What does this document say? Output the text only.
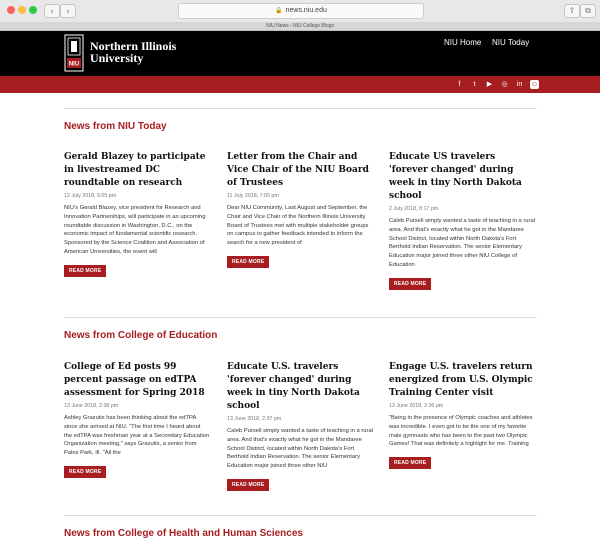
‹	›	🔒 news.niu.edu	⇪	⧉
NIU News - NIU College Blogs
NIU
Northern Illinois
University
NIU Home NIU Today
f	t	▶ ◎ in ☺
News from NIU Today

Gerald Blazey to participate in livestreamed DC roundtable on research

12 July 2018, 5:05 pm
NIU's Gerald Blazey, vice president for Research and Innovation Partnerships, will participate in an upcoming roundtable discussion in Washington, D.C., on the economic impact of fundamental scientific research. Sponsored by the Science Coalition and Association of American Universities, the event will
READ MORE

Letter from the Chair and Vice Chair of the NIU Board of Trustees

11 July 2018, 7:00 pm
Dear NIU Community, Last August and September, the Chair and Vice Chair of the Northern Illinois University Board of Trustees met with multiple stakeholder groups on campus to gather feedback intended to inform the search for a new president of
READ MORE

Educate US travelers 'forever changed' during week in tiny North Dakota school

2 July 2018, 8:17 pm
Caleb Pursell simply wanted a taste of teaching in a rural area. And that's exactly what he got in the Mandaree School District, located within North Dakota's Fort Berthold Indian Reservation. The senior Elementary Education major joined three other NIU College of Education
READ MORE
News from College of Education

College of Ed posts 99 percent passage on edTPA assessment for Spring 2018

13 June 2018, 2:38 pm
Ashley Grazutis has been thinking about the edTPA since she arrived at NIU. "The first time I heard about the edTPA was freshman year at a Secondary Education Organization meeting," says Grazutis, a senior from Palos Park, Ill. "All the
READ MORE

Educate U.S. travelers 'forever changed' during week in tiny North Dakota school

13 June 2018, 2:37 pm
Caleb Pursell simply wanted a taste of teaching in a rural area. And that's exactly what he got in the Mandaree School District, located within North Dakota's Fort Berthold Indian Reservation. The senior Elementary Education major joined three other NIU
READ MORE

Engage U.S. travelers return energized from U.S. Olympic Training Center visit

13 June 2018, 2:36 pm
"Being in the presence of Olympic coaches and athletes was incredible. I even got to be the one of my favorite male gymnasts who has been to the past two Olympic Games! That was definitely a highlight for me. Training
READ MORE
News from College of Health and Human Sciences
